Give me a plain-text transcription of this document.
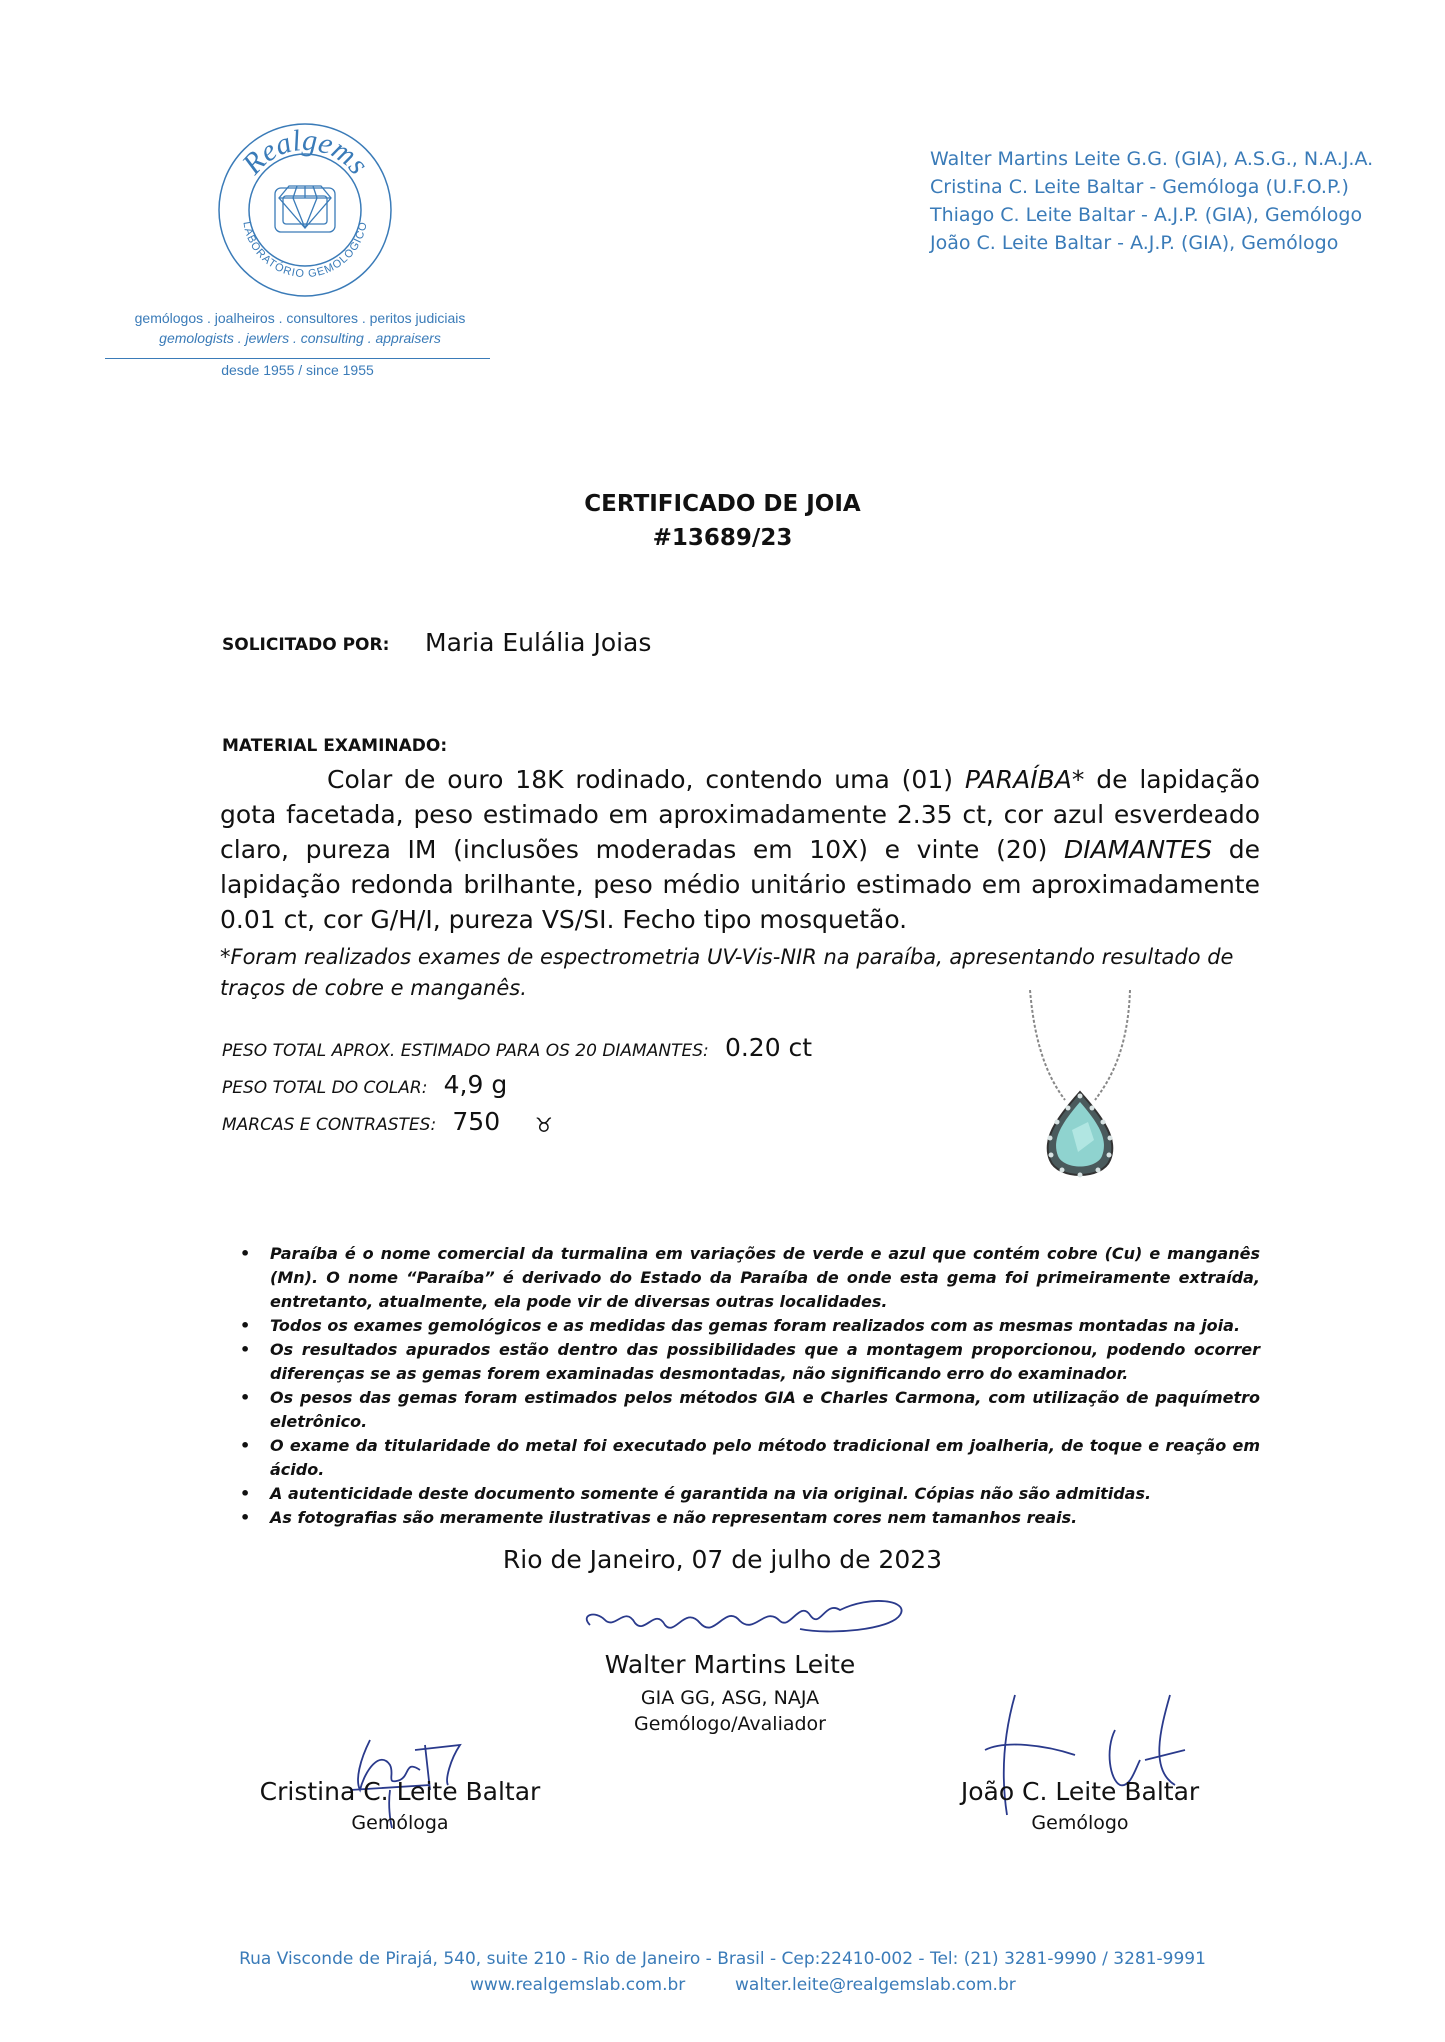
Realgems
LABORATÓRIO GEMOLÓGICO
gemólogos . joalheiros . consultores . peritos judiciais
gemologists . jewlers . consulting . appraisers
desde 1955 / since 1955
Walter Martins Leite G.G. (GIA), A.S.G., N.A.J.A.
Cristina C. Leite Baltar - Gemóloga (U.F.O.P.)
Thiago C. Leite Baltar - A.J.P. (GIA), Gemólogo
João C. Leite Baltar - A.J.P. (GIA), Gemólogo
CERTIFICADO DE JOIA
#13689/23
SOLICITADO POR: Maria Eulália Joias
MATERIAL EXAMINADO:
Colar de ouro 18K rodinado, contendo uma (01) PARAÍBA* de lapidação gota facetada, peso estimado em aproximadamente 2.35 ct, cor azul esverdeado claro, pureza IM (inclusões moderadas em 10X) e vinte (20) DIAMANTES de lapidação redonda brilhante, peso médio unitário estimado em aproximadamente 0.01 ct, cor G/H/I, pureza VS/SI. Fecho tipo mosquetão.
*Foram realizados exames de espectrometria UV-Vis-NIR na paraíba, apresentando resultado de traços de cobre e manganês.
PESO TOTAL APROX. ESTIMADO PARA OS 20 DIAMANTES: 0.20 ct
PESO TOTAL DO COLAR: 4,9 g
MARCAS E CONTRASTES: 750 ♉
• Paraíba é o nome comercial da turmalina em variações de verde e azul que contém cobre (Cu) e manganês (Mn). O nome “Paraíba” é derivado do Estado da Paraíba de onde esta gema foi primeiramente extraída, entretanto, atualmente, ela pode vir de diversas outras localidades.
• Todos os exames gemológicos e as medidas das gemas foram realizados com as mesmas montadas na joia.
• Os resultados apurados estão dentro das possibilidades que a montagem proporcionou, podendo ocorrer diferenças se as gemas forem examinadas desmontadas, não significando erro do examinador.
• Os pesos das gemas foram estimados pelos métodos GIA e Charles Carmona, com utilização de paquímetro eletrônico.
• O exame da titularidade do metal foi executado pelo método tradicional em joalheria, de toque e reação em ácido.
• A autenticidade deste documento somente é garantida na via original. Cópias não são admitidas.
• As fotografias são meramente ilustrativas e não representam cores nem tamanhos reais.
Rio de Janeiro, 07 de julho de 2023
Walter Martins Leite
GIA GG, ASG, NAJA
Gemólogo/Avaliador
Cristina C. Leite Baltar
Gemóloga
João C. Leite Baltar
Gemólogo
Rua Visconde de Pirajá, 540, suite 210 - Rio de Janeiro - Brasil - Cep:22410-002 - Tel: (21) 3281-9990 / 3281-9991
www.realgemslab.com.br	walter.leite@realgemslab.com.br
